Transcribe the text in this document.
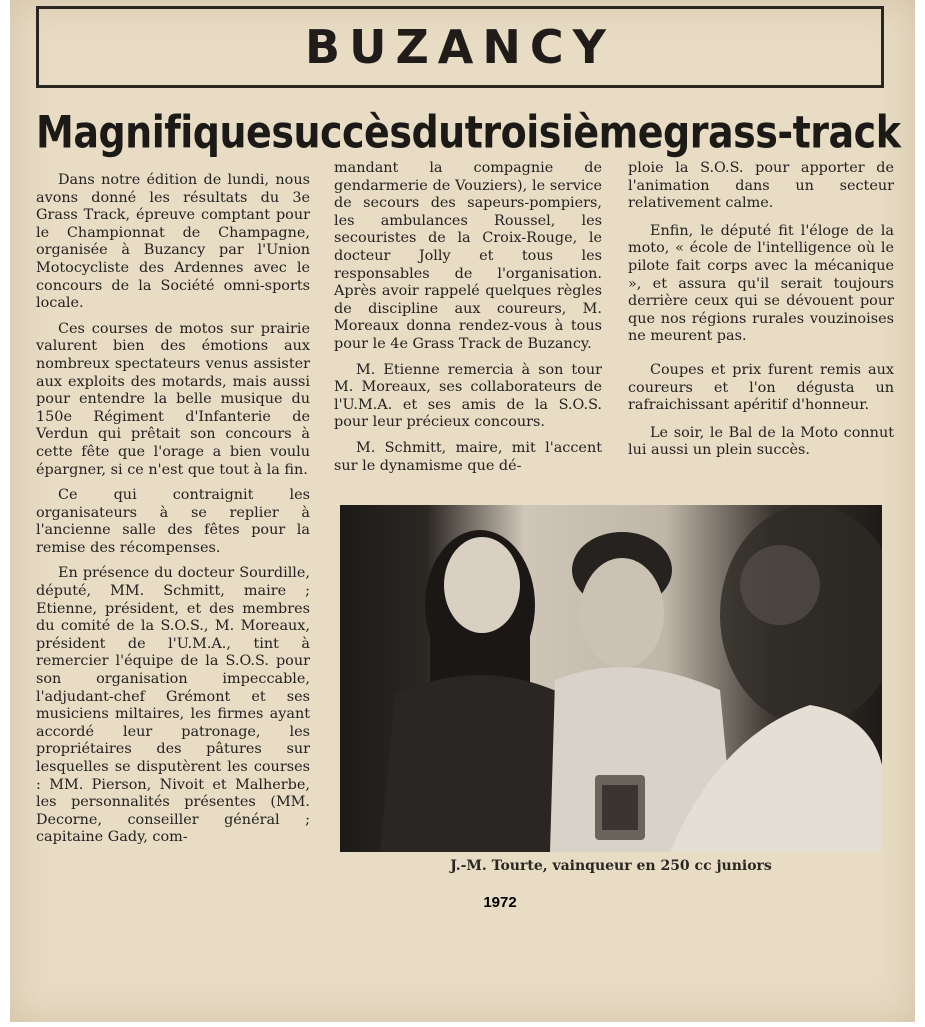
BUZANCY
Magnifique succès du troisième grass-track

Dans notre édition de lundi, nous avons donné les résultats du 3e Grass Track, épreuve comptant pour le Championnat de Champagne, organisée à Buzancy par l'Union Motocycliste des Ardennes avec le concours de la Société omni-sports locale.

Ces courses de motos sur prairie valurent bien des émotions aux nombreux spectateurs venus assister aux exploits des motards, mais aussi pour entendre la belle musique du 150e Régiment d'Infanterie de Verdun qui prêtait son concours à cette fête que l'orage a bien voulu épargner, si ce n'est que tout à la fin.

Ce qui contraignit les organisateurs à se replier à l'ancienne salle des fêtes pour la remise des récompenses.

En présence du docteur Sourdille, député, MM. Schmitt, maire ; Etienne, président, et des membres du comité de la S.O.S., M. Moreaux, président de l'U.M.A., tint à remercier l'équipe de la S.O.S. pour son organisation impeccable, l'adjudant-chef Grémont et ses musiciens miltaires, les firmes ayant accordé leur patronage, les propriétaires des pâtures sur lesquelles se disputèrent les courses : MM. Pierson, Nivoit et Malherbe, les personnalités présentes (MM. Decorne, conseiller général ; capitaine Gady, com-

mandant la compagnie de gendarmerie de Vouziers), le service de secours des sapeurs-pompiers, les ambulances Roussel, les secouristes de la Croix-Rouge, le docteur Jolly et tous les responsables de l'organisation. Après avoir rappelé quelques règles de discipline aux coureurs, M. Moreaux donna rendez-vous à tous pour le 4e Grass Track de Buzancy.

M. Etienne remercia à son tour M. Moreaux, ses collaborateurs de l'U.M.A. et ses amis de la S.O.S. pour leur précieux concours.

M. Schmitt, maire, mit l'accent sur le dynamisme que dé-

ploie la S.O.S. pour apporter de l'animation dans un secteur relativement calme.

Enfin, le député fit l'éloge de la moto, « école de l'intelligence où le pilote fait corps avec la mécanique », et assura qu'il serait toujours derrière ceux qui se dévouent pour que nos régions rurales vouzinoises ne meurent pas.

Coupes et prix furent remis aux coureurs et l'on dégusta un rafraichissant apéritif d'honneur.

Le soir, le Bal de la Moto connut lui aussi un plein succès.

J.-M. Tourte, vainqueur en 250 cc juniors
1972
